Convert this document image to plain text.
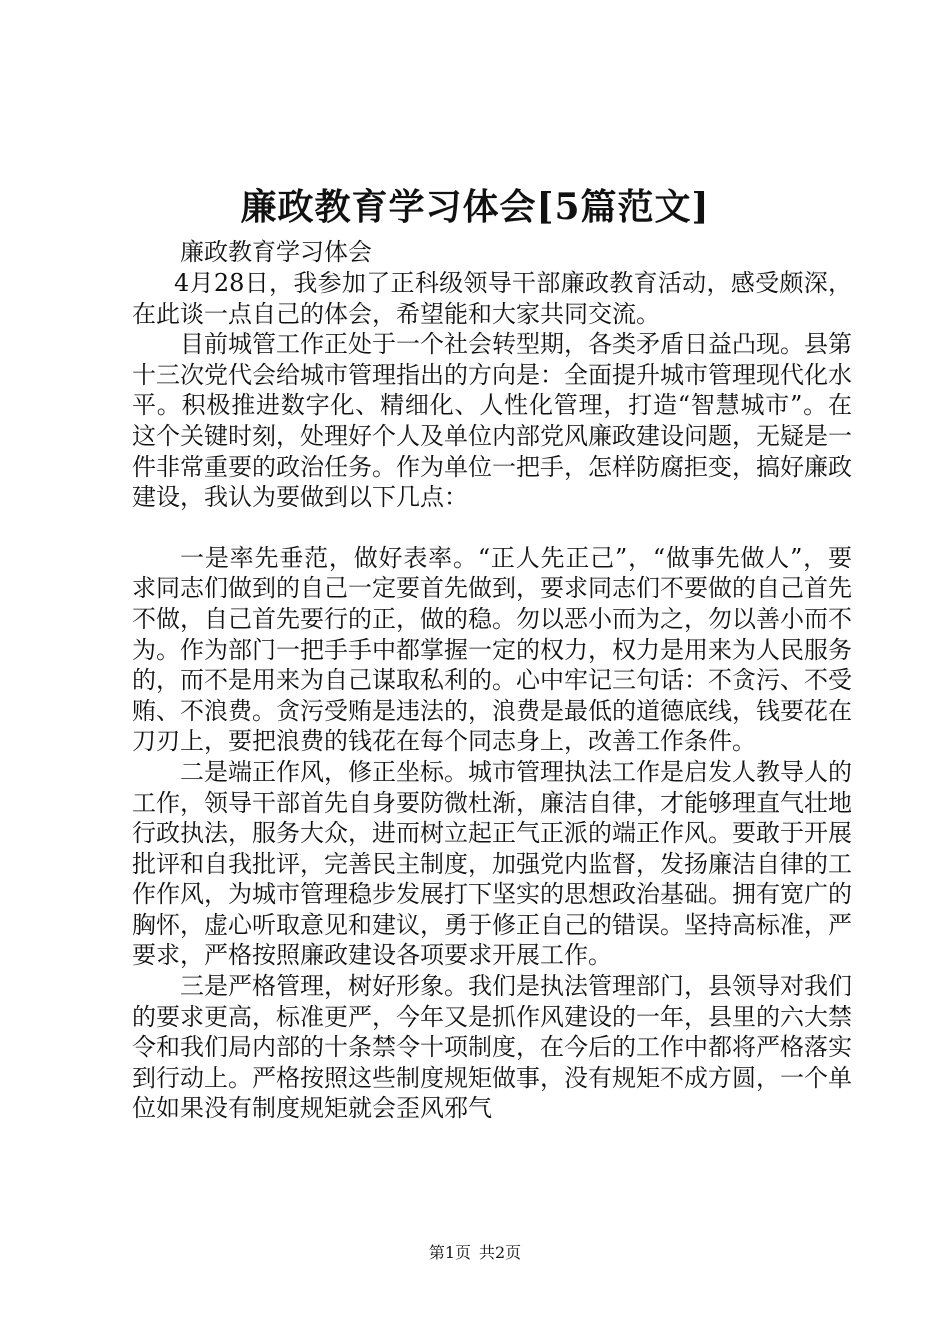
廉政教育学习体会[5篇范文]
廉政教育学习体会

4月28日，我参加了正科级领导干部廉政教育活动，感受颇深，在此谈一点自己的体会，希望能和大家共同交流。

目前城管工作正处于一个社会转型期，各类矛盾日益凸现。县第十三次党代会给城市管理指出的方向是：全面提升城市管理现代化水平。积极推进数字化、精细化、人性化管理，打造“智慧城市”。在这个关键时刻，处理好个人及单位内部党风廉政建设问题，无疑是一件非常重要的政治任务。作为单位一把手，怎样防腐拒变，搞好廉政建设，我认为要做到以下几点：

一是率先垂范，做好表率。“正人先正己”，“做事先做人”，要求同志们做到的自己一定要首先做到，要求同志们不要做的自己首先不做，自己首先要行的正，做的稳。勿以恶小而为之，勿以善小而不为。作为部门一把手手中都掌握一定的权力，权力是用来为人民服务的，而不是用来为自己谋取私利的。心中牢记三句话：不贪污、不受贿、不浪费。贪污受贿是违法的，浪费是最低的道德底线，钱要花在刀刃上，要把浪费的钱花在每个同志身上，改善工作条件。

二是端正作风，修正坐标。城市管理执法工作是启发人教导人的工作，领导干部首先自身要防微杜渐，廉洁自律，才能够理直气壮地行政执法，服务大众，进而树立起正气正派的端正作风。要敢于开展批评和自我批评，完善民主制度，加强党内监督，发扬廉洁自律的工作作风，为城市管理稳步发展打下坚实的思想政治基础。拥有宽广的胸怀，虚心听取意见和建议，勇于修正自己的错误。坚持高标准，严要求，严格按照廉政建设各项要求开展工作。

三是严格管理，树好形象。我们是执法管理部门，县领导对我们的要求更高，标准更严，今年又是抓作风建设的一年，县里的六大禁令和我们局内部的十条禁令十项制度，在今后的工作中都将严格落实到行动上。严格按照这些制度规矩做事，没有规矩不成方圆，一个单位如果没有制度规矩就会歪风邪气

第1页 共2页
